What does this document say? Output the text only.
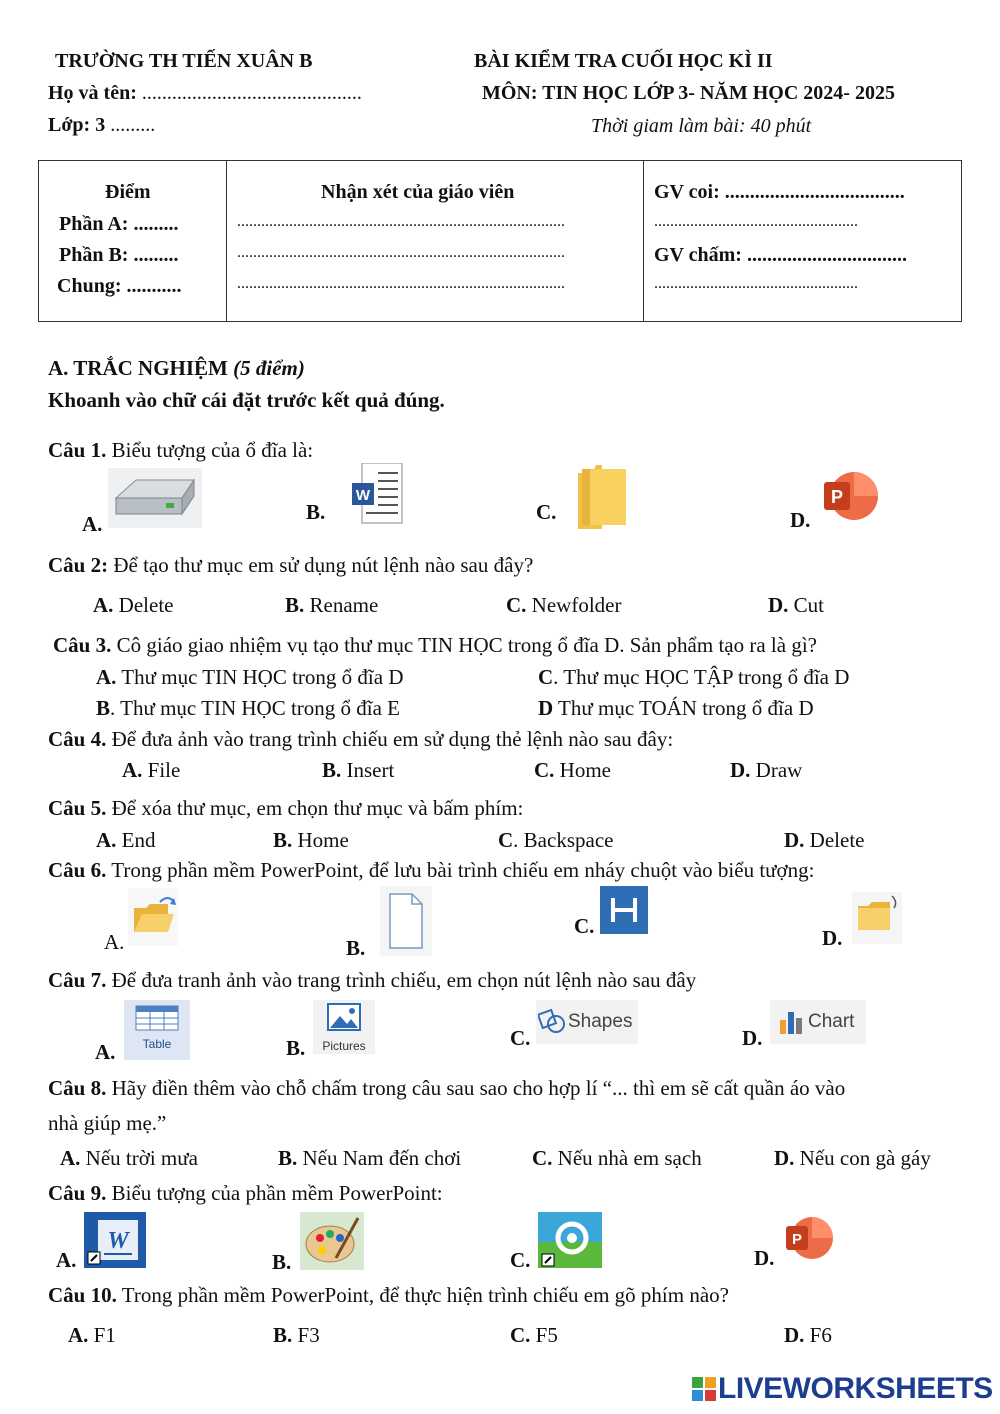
TRƯỜNG TH TIẾN XUÂN B	BÀI KIỂM TRA CUỐI HỌC KÌ II
Họ và tên: ............................................	MÔN: TIN HỌC LỚP 3- NĂM HỌC 2024- 2025
Lớp: 3 .........	Thời giam làm bài: 40 phút
Điểm
Phần A: .........
Phần B: .........
Chung: ...........

Nhận xét của giáo viên
..................................................................................
..................................................................................
..................................................................................

GV coi: ....................................
...................................................
GV chấm: ................................
...................................................
A. TRẮC NGHIỆM (5 điểm)
Khoanh vào chữ cái đặt trước kết quả đúng.
Câu 1. Biểu tượng của ổ đĩa là:
A.	B.
W
C.	D.
P
Câu 2: Để tạo thư mục em sử dụng nút lệnh nào sau đây?
A. Delete	B. Rename	C. Newfolder	D. Cut
Câu 3. Cô giáo giao nhiệm vụ tạo thư mục TIN HỌC trong ổ đĩa D. Sản phẩm tạo ra là gì?
A. Thư mục TIN HỌC trong ổ đĩa D	C. Thư mục HỌC TẬP trong ổ đĩa D
B. Thư mục TIN HỌC trong ổ đĩa E	D Thư mục TOÁN trong ổ đĩa D
Câu 4. Để đưa ảnh vào trang trình chiếu em sử dụng thẻ lệnh nào sau đây:
A. File	B. Insert	C. Home	D. Draw
Câu 5. Để xóa thư mục, em chọn thư mục và bấm phím:
A. End	B. Home	C. Backspace	D. Delete
Câu 6. Trong phần mềm PowerPoint, để lưu bài trình chiếu em nháy chuột vào biểu tượng:
A.	B.
C.	D.
Câu 7. Để đưa tranh ảnh vào trang trình chiếu, em chọn nút lệnh nào sau đây
A.	Table	B.	Pictures	C.
Shapes
D.
Chart
Câu 8. Hãy điền thêm vào chỗ chấm trong câu sau sao cho hợp lí “... thì em sẽ cất quần áo vào
nhà giúp mẹ.”
A. Nếu trời mưa	B. Nếu Nam đến chơi	C. Nếu nhà em sạch	D. Nếu con gà gáy
Câu 9. Biểu tượng của phần mềm PowerPoint:
A.
W
B.	C.	D.
P
Câu 10. Trong phần mềm PowerPoint, để thực hiện trình chiếu em gõ phím nào?
A. F1	B. F3	C. F5	D. F6
LIVEWORKSHEETS
